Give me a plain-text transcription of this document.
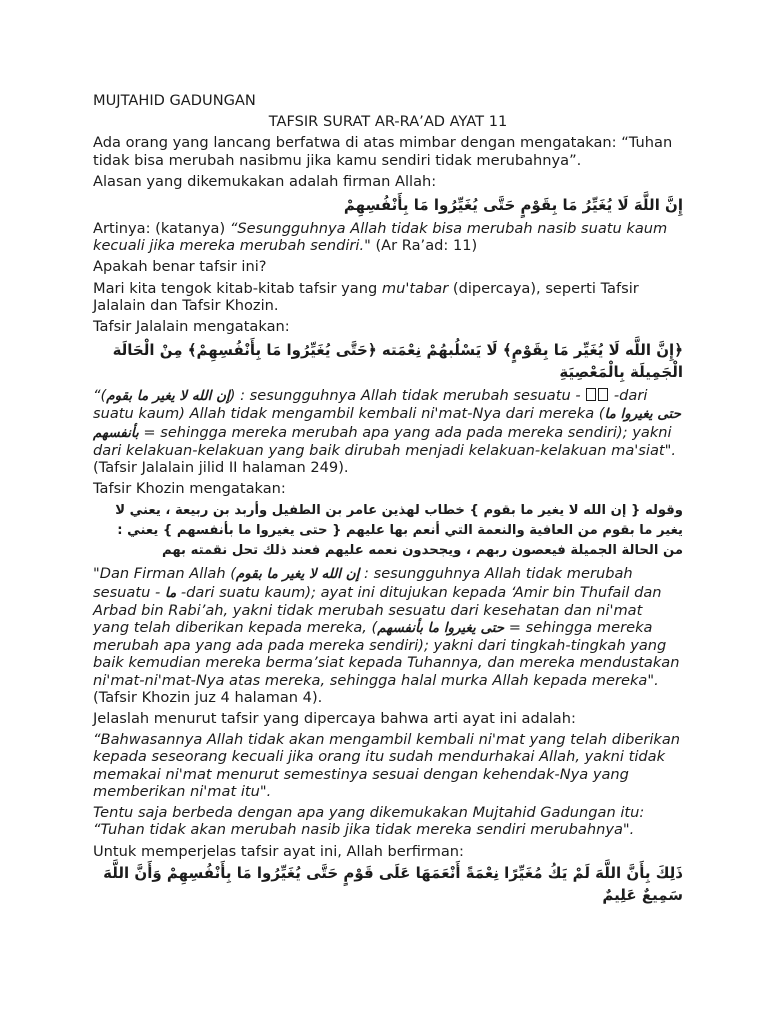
MUJTAHID GADUNGAN

TAFSIR SURAT AR-RA’AD AYAT 11

Ada orang yang lancang berfatwa di atas mimbar dengan mengatakan: “Tuhan tidak bisa merubah nasibmu jika kamu sendiri tidak merubahnya”.

Alasan yang dikemukakan adalah firman Allah:

إِنَّ اللَّهَ لَا يُغَيِّرُ مَا بِقَوْمٍ حَتَّى يُغَيِّرُوا مَا بِأَنْفُسِهِمْ

Artinya: (katanya) “Sesungguhnya Allah tidak bisa merubah nasib suatu kaum kecuali jika mereka merubah sendiri." (Ar Ra’ad: 11)

Apakah benar tafsir ini?

Mari kita tengok kitab-kitab tafsir yang mu'tabar (dipercaya), seperti Tafsir Jalalain dan Tafsir Khozin.

Tafsir Jalalain mengatakan:

﴿إِنَّ اللَّه لَا يُغَيِّر مَا بِقَوْمٍ﴾ لَا يَسْلُبهُمْ نِعْمَته ﴿حَتَّى يُغَيِّرُوا مَا بِأَنْفُسِهِمْ﴾ مِنْ الْحَالَة الْجَمِيلَة بِالْمَعْصِيَةِ

“(إن الله لا يغير ما بقوم) : sesungguhnya Allah tidak merubah sesuatu -  -dari suatu kaum) Allah tidak mengambil kembali ni'mat-Nya dari mereka (حتى يغيروا ما بأنفسهم = sehingga mereka merubah apa yang ada pada mereka sendiri); yakni dari kelakuan-kelakuan yang baik dirubah menjadi kelakuan-kelakuan ma'siat". (Tafsir Jalalain jilid II halaman 249).

Tafsir Khozin mengatakan:

وقوله { إن الله لا يغير ما بقوم } خطاب لهذين عامر بن الطفيل وأربد بن ربيعة ، يعني لا يغير ما بقوم من العافية والنعمة التي أنعم بها عليهم { حتى يغيروا ما بأنفسهم } يعني : من الحالة الجميلة فيعصون ربهم ، ويجحدون نعمه عليهم فعند ذلك تحل نقمته بهم

"Dan Firman Allah (إن الله لا يغير ما بقوم : sesungguhnya Allah tidak merubah sesuatu - ما -dari suatu kaum); ayat ini ditujukan kepada ‘Amir bin Thufail dan Arbad bin Rabi’ah, yakni tidak merubah sesuatu dari kesehatan dan ni'mat yang telah diberikan kepada mereka, (حتى يغيروا ما بأنفسهم = sehingga mereka merubah apa yang ada pada mereka sendiri); yakni dari tingkah-tingkah yang baik kemudian mereka berma’siat kepada Tuhannya, dan mereka mendustakan ni'mat-ni'mat-Nya atas mereka, sehingga halal murka Allah kepada mereka".(Tafsir Khozin juz 4 halaman 4).

Jelaslah menurut tafsir yang dipercaya bahwa arti ayat ini adalah:

“Bahwasannya Allah tidak akan mengambil kembali ni'mat yang telah diberikan kepada seseorang kecuali jika orang itu sudah mendurhakai Allah, yakni tidak memakai ni'mat menurut semestinya sesuai dengan kehendak-Nya yang memberikan ni'mat itu".

Tentu saja berbeda dengan apa yang dikemukakan Mujtahid Gadungan itu: “Tuhan tidak akan merubah nasib jika tidak mereka sendiri merubahnya".

Untuk memperjelas tafsir ayat ini, Allah berfirman:

ذَلِكَ بِأَنَّ اللَّهَ لَمْ يَكُ مُغَيِّرًا نِعْمَةً أَنْعَمَهَا عَلَى قَوْمٍ حَتَّى يُغَيِّرُوا مَا بِأَنْفُسِهِمْ وَأَنَّ اللَّهَ سَمِيعٌ عَلِيمٌ
